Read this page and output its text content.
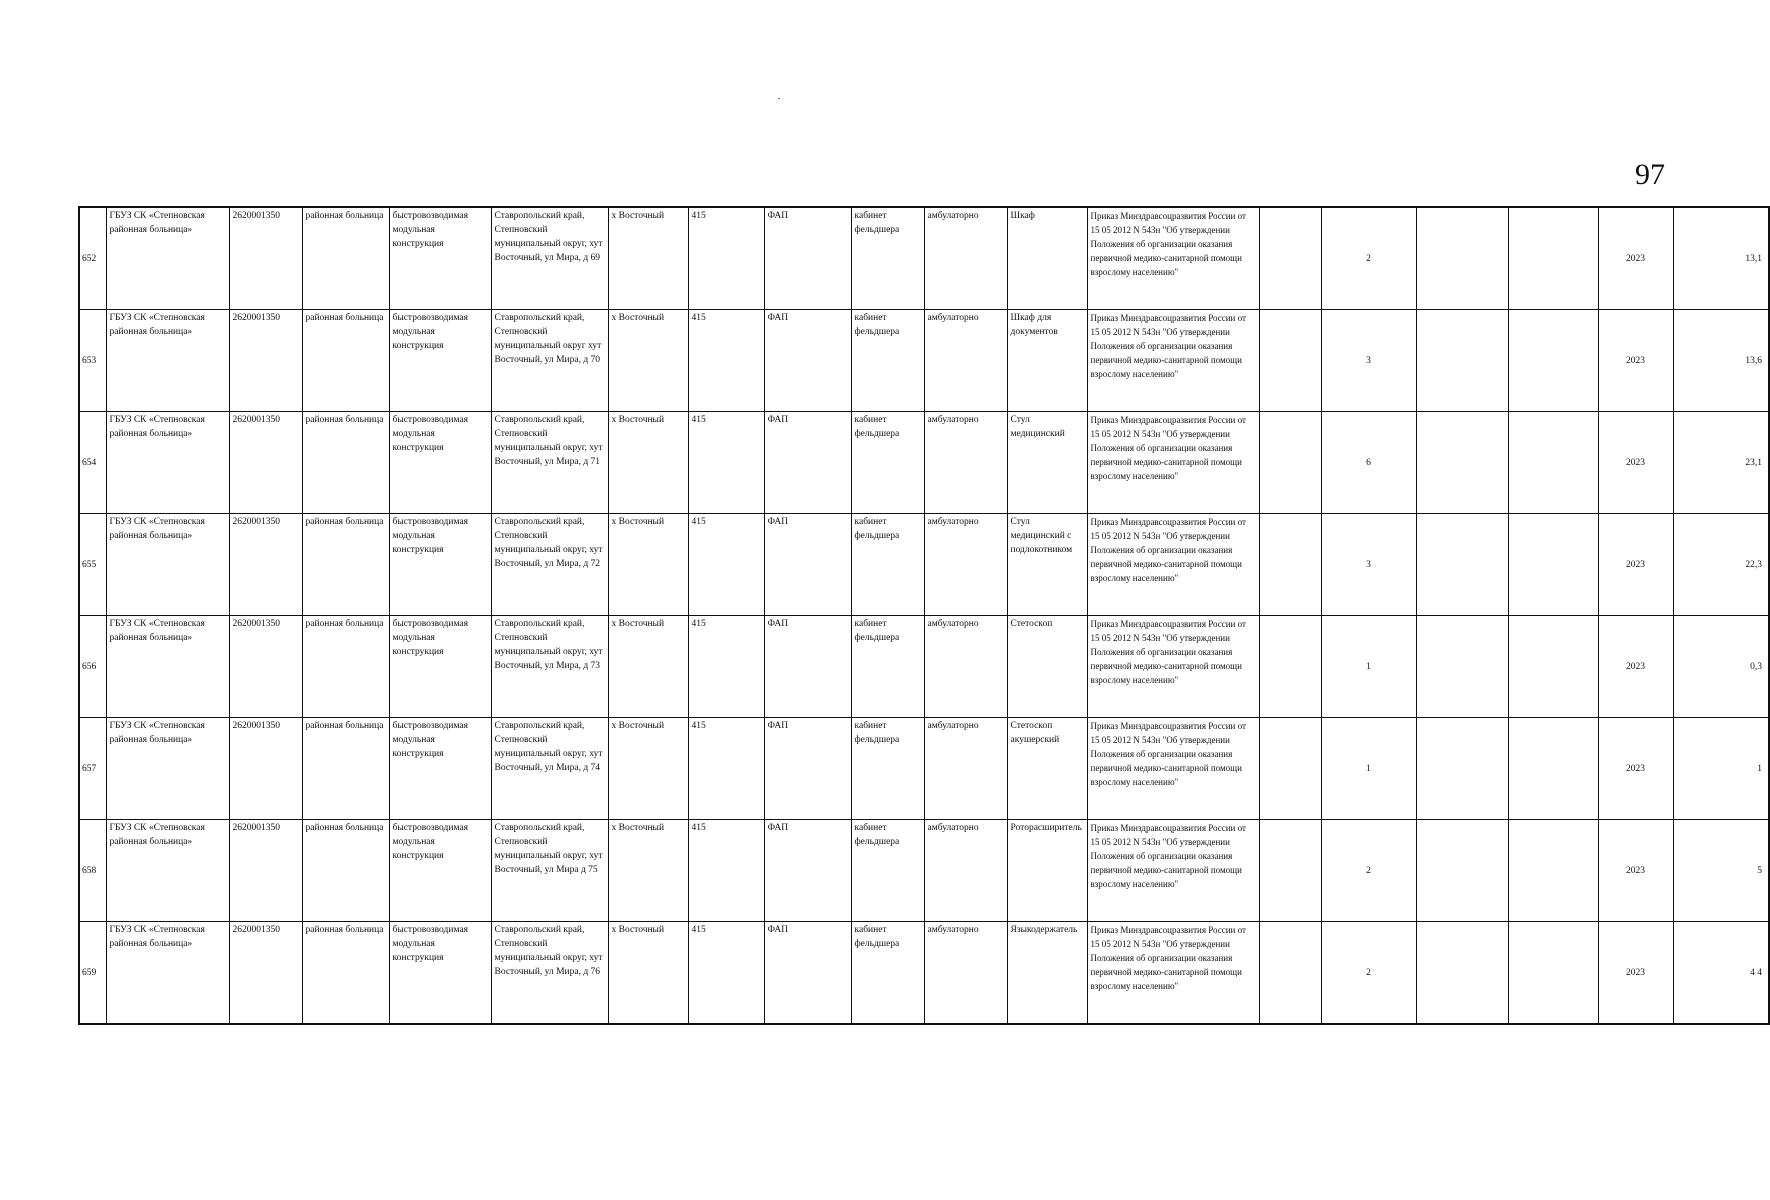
97
652	ГБУЗ СК «Степновская районная больница»	2620001350	районная больница	быстровозводимая модульная конструкция	Ставропольский край, Степновский муниципальный округ, хут Восточный, ул Мира, д 69	х Восточный	415	ФАП	кабинет фельдшера	амбулаторно	Шкаф	Приказ Минздравсоцразвития России от 15 05 2012 N 543н "Об утверждении Положения об организации оказания первичной медико-санитарной помощи взрослому населению"		2			2023	13,1
653	ГБУЗ СК «Степновская районная больница»	2620001350	районная больница	быстровозводимая модульная конструкция	Ставропольский край, Степновский муниципальный округ хут Восточный, ул Мира, д 70	х Восточный	415	ФАП	кабинет фельдшера	амбулаторно	Шкаф для документов	Приказ Минздравсоцразвития России от 15 05 2012 N 543н "Об утверждении Положения об организации оказания первичной медико-санитарной помощи взрослому населению"		3			2023	13,6
654	ГБУЗ СК «Степновская районная больница»	2620001350	районная больница	быстровозводимая модульная конструкция	Ставропольский край, Степновский муниципальный округ, хут Восточный, ул Мира, д 71	х Восточный	415	ФАП	кабинет фельдшера	амбулаторно	Стул медицинский	Приказ Минздравсоцразвития России от 15 05 2012 N 543н "Об утверждении Положения об организации оказания первичной медико-санитарной помощи взрослому населению"		6			2023	23,1
655	ГБУЗ СК «Степновская районная больница»	2620001350	районная больница	быстровозводимая модульная конструкция	Ставропольский край, Степновский муниципальный округ, хут Восточный, ул Мира, д 72	х Восточный	415	ФАП	кабинет фельдшера	амбулаторно	Стул медицинский с подлокотником	Приказ Минздравсоцразвития России от 15 05 2012 N 543н "Об утверждении Положения об организации оказания первичной медико-санитарной помощи взрослому населению"		3			2023	22,3
656	ГБУЗ СК «Степновская районная больница»	2620001350	районная больница	быстровозводимая модульная конструкция	Ставропольский край, Степновский муниципальный округ, хут Восточный, ул Мира, д 73	х Восточный	415	ФАП	кабинет фельдшера	амбулаторно	Стетоскоп	Приказ Минздравсоцразвития России от 15 05 2012 N 543н "Об утверждении Положения об организации оказания первичной медико-санитарной помощи взрослому населению"		1			2023	0,3
657	ГБУЗ СК «Степновская районная больница»	2620001350	районная больница	быстровозводимая модульная конструкция	Ставропольский край, Степновский муниципальный округ, хут Восточный, ул Мира, д 74	х Восточный	415	ФАП	кабинет фельдшера	амбулаторно	Стетоскоп акушерский	Приказ Минздравсоцразвития России от 15 05 2012 N 543н "Об утверждении Положения об организации оказания первичной медико-санитарной помощи взрослому населению"		1			2023	1
658	ГБУЗ СК «Степновская районная больница»	2620001350	районная больница	быстровозводимая модульная конструкция	Ставропольский край, Степновский муниципальный округ, хут Восточный, ул Мира д 75	х Восточный	415	ФАП	кабинет фельдшера	амбулаторно	Роторасширитель	Приказ Минздравсоцразвития России от 15 05 2012 N 543н "Об утверждении Положения об организации оказания первичной медико-санитарной помощи взрослому населению"		2			2023	5
659	ГБУЗ СК «Степновская районная больница»	2620001350	районная больница	быстровозводимая модульная конструкция	Ставропольский край, Степновский муниципальный округ, хут Восточный, ул Мира, д 76	х Восточный	415	ФАП	кабинет фельдшера	амбулаторно	Языкодержатель	Приказ Минздравсоцразвития России от 15 05 2012 N 543н "Об утверждении Положения об организации оказания первичной медико-санитарной помощи взрослому населению"		2			2023	4 4
